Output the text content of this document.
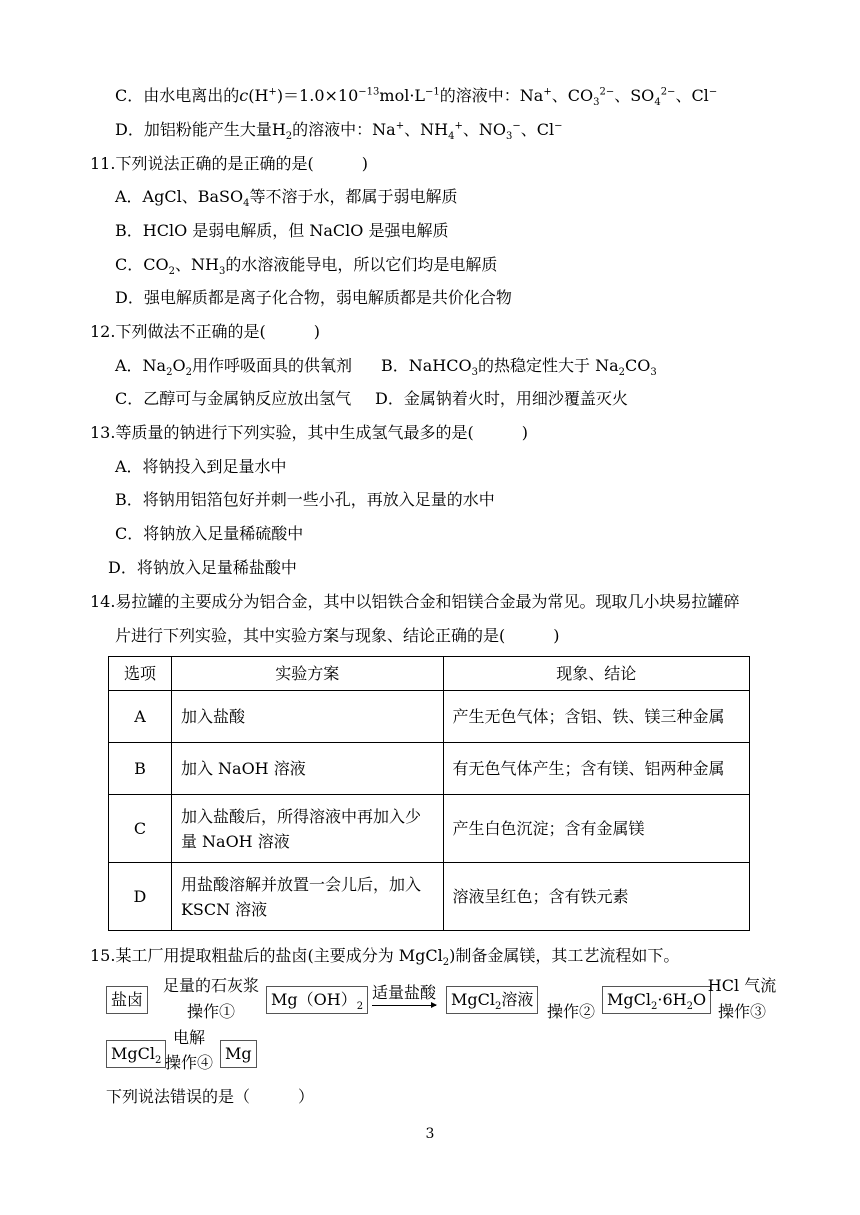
C．由水电离出的$c(H^+)=1.0\times 10^{-13}mol\cdot L^{-1}$的溶液中：Na+、$CO_3^{2-}$、$SO_4^{2-}$、Cl−
D．加铝粉能产生大量$H_2$的溶液中：Na+、$NH_4^+$、$NO_3^-$、Cl−
11.下列说法正确的是正确的是(　　　)
A．AgCl、BaSO$_4$等不溶于水，都属于弱电解质
B．HClO 是弱电解质，但 NaClO 是强电解质
C．$CO_2$、$NH_3$的水溶液能导电，所以它们均是电解质
D．强电解质都是离子化合物，弱电解质都是共价化合物
12.下列做法不正确的是(　　　)
A．$Na_2O_2$用作呼吸面具的供氧剂 B．NaHCO$_3$的热稳定性大于 $Na_2CO_3$
C．乙醇可与金属钠反应放出氢气 D．金属钠着火时，用细沙覆盖灭火
13.等质量的钠进行下列实验，其中生成氢气最多的是(　　　)
A．将钠投入到足量水中
B．将钠用铝箔包好并刺一些小孔，再放入足量的水中
C．将钠放入足量稀硫酸中
D．将钠放入足量稀盐酸中
14.易拉罐的主要成分为铝合金，其中以铝铁合金和铝镁合金最为常见。现取几小块易拉罐碎
片进行下列实验，其中实验方案与现象、结论正确的是(　　　)
选项	实验方案	现象、结论
A	加入盐酸	产生无色气体；含铝、铁、镁三种金属
B	加入 NaOH 溶液	有无色气体产生；含有镁、铝两种金属
C	加入盐酸后，所得溶液中再加入少量 NaOH 溶液	产生白色沉淀；含有金属镁
D	用盐酸溶解并放置一会儿后，加入 KSCN 溶液	溶液呈红色；含有铁元素
15.某工厂用提取粗盐后的盐卤(主要成分为 MgCl$_2$)制备金属镁，其工艺流程如下。
盐卤
足量的石灰浆
操作①
$Mg(OH)_2$
适量盐酸 MgCl$_2$溶液
操作②
$MgCl_2\cdot 6H_2O$
HCl 气流
操作③
MgCl$_2$
电解
操作④ Mg
下列说法错误的是（　　　）
3
